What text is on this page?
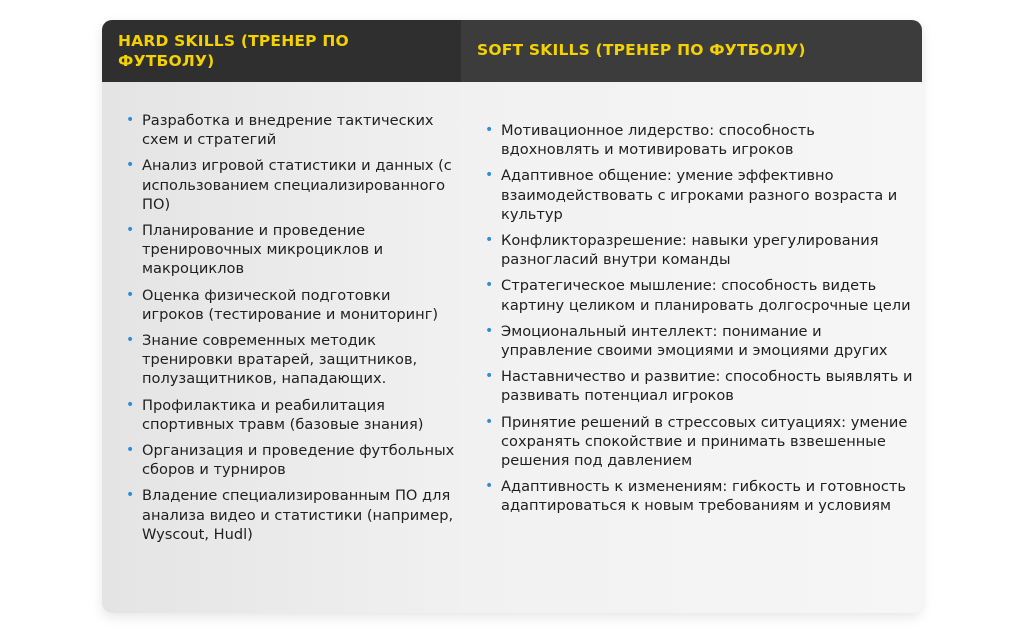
HARD SKILLS (ТРЕНЕР ПО ФУТБОЛУ)
SOFT SKILLS (ТРЕНЕР ПО ФУТБОЛУ)
• Разработка и внедрение тактических схем и стратегий
• Анализ игровой статистики и данных (с использованием специализированного ПО)
• Планирование и проведение тренировочных микроциклов и макроциклов
• Оценка физической подготовки игроков (тестирование и мониторинг)
• Знание современных методик тренировки вратарей, защитников, полузащитников, нападающих.
• Профилактика и реабилитация спортивных травм (базовые знания)
• Организация и проведение футбольных сборов и турниров
• Владение специализированным ПО для анализа видео и статистики (например, Wyscout, Hudl)
• Мотивационное лидерство: способность вдохновлять и мотивировать игроков
• Адаптивное общение: умение эффективно взаимодействовать с игроками разного возраста и культур
• Конфликторазрешение: навыки урегулирования разногласий внутри команды
• Стратегическое мышление: способность видеть картину целиком и планировать долгосрочные цели
• Эмоциональный интеллект: понимание и управление своими эмоциями и эмоциями других
• Наставничество и развитие: способность выявлять и развивать потенциал игроков
• Принятие решений в стрессовых ситуациях: умение сохранять спокойствие и принимать взвешенные решения под давлением
• Адаптивность к изменениям: гибкость и готовность адаптироваться к новым требованиям и условиям
